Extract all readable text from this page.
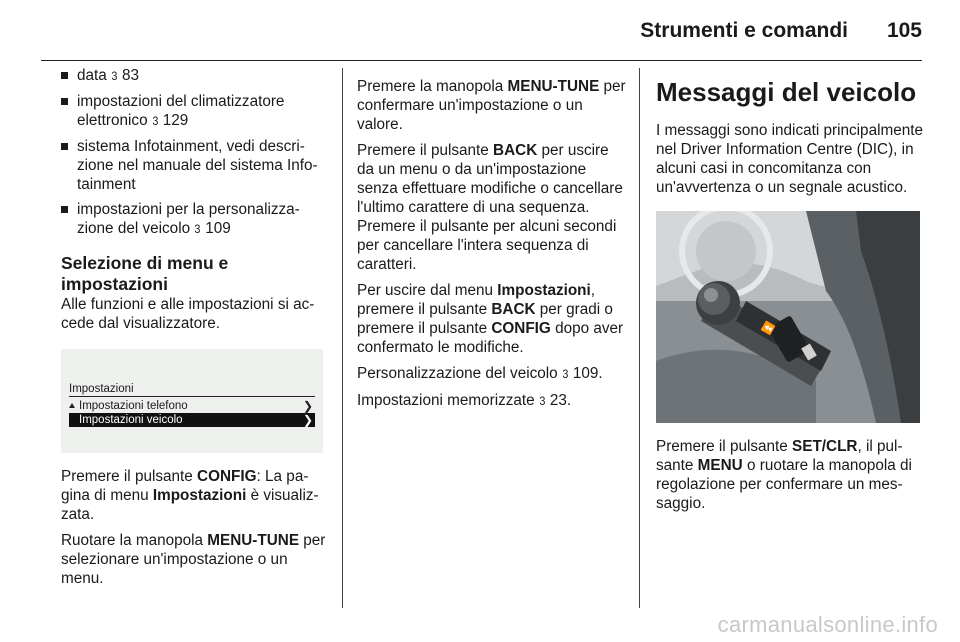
Strumenti e comandi 105
data 3 83
impostazioni del climatizzatore elettronico 3 129
sistema Infotainment, vedi descrizione nel manuale del sistema Infotainment
impostazioni per la personalizzazione del veicolo 3 109
Selezione di menu e impostazioni

Alle funzioni e alle impostazioni si accede dal visualizzatore.

Impostazioni
Impostazioni telefono	❯
Impostazioni veicolo	❯

Premere il pulsante CONFIG: La pagina di menu Impostazioni è visualizzata.

Ruotare la manopola MENU-TUNE per selezionare un'impostazione o un menu.

Premere la manopola MENU-TUNE per confermare un'impostazione o un valore.

Premere il pulsante BACK per uscire da un menu o da un'impostazione senza effettuare modifiche o cancellare l'ultimo carattere di una sequenza. Premere il pulsante per alcuni secondi per cancellare l'intera sequenza di caratteri.

Per uscire dal menu Impostazioni, premere il pulsante BACK per gradi o premere il pulsante CONFIG dopo aver confermato le modifiche.

Personalizzazione del veicolo 3 109.

Impostazioni memorizzate 3 23.

Messaggi del veicolo

I messaggi sono indicati principalmente nel Driver Information Centre (DIC), in alcuni casi in concomitanza con un'avvertenza o un segnale acustico.

⏫

Premere il pulsante SET/CLR, il pulsante MENU o ruotare la manopola di regolazione per confermare un messaggio.

carmanualsonline.info
